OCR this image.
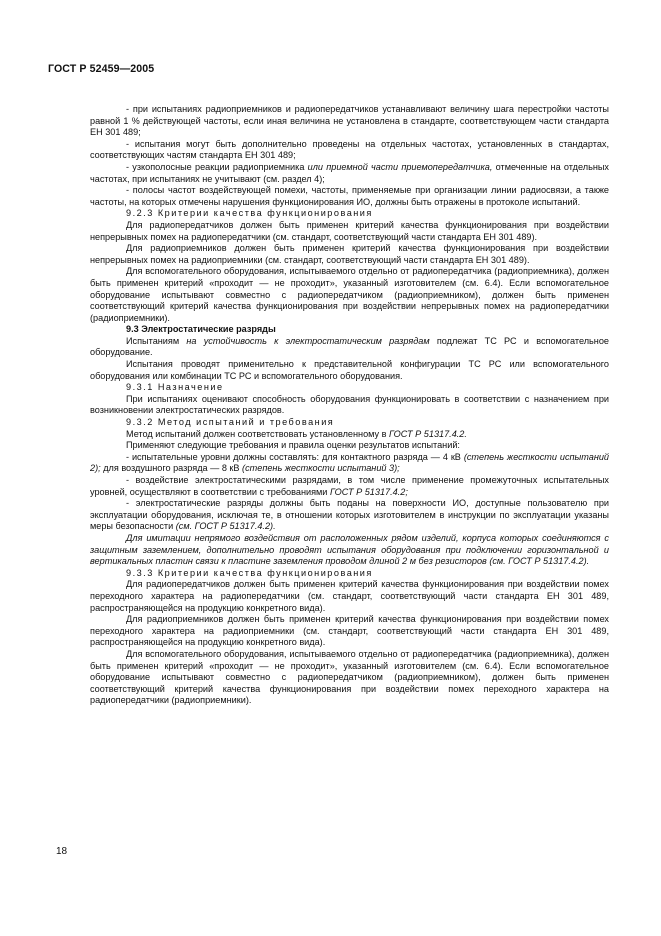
ГОСТ Р 52459—2005

- при испытаниях радиоприемников и радиопередатчиков устанавливают величину шага перестройки частоты равной 1 % действующей частоты, если иная величина не установлена в стандарте, соответствующем части стандарта ЕН 301 489;

- испытания могут быть дополнительно проведены на отдельных частотах, установленных в стандартах, соответствующих частям стандарта ЕН 301 489;

- узкополосные реакции радиоприемника или приемной части приемопередатчика, отмеченные на отдельных частотах, при испытаниях не учитывают (см. раздел 4);

- полосы частот воздействующей помехи, частоты, применяемые при организации линии радиосвязи, а также частоты, на которых отмечены нарушения функционирования ИО, должны быть отражены в протоколе испытаний.

9.2.3 Критерии качества функционирования

Для радиопередатчиков должен быть применен критерий качества функционирования при воздействии непрерывных помех на радиопередатчики (см. стандарт, соответствующий части стандарта ЕН 301 489).

Для радиоприемников должен быть применен критерий качества функционирования при воздействии непрерывных помех на радиоприемники (см. стандарт, соответствующий части стандарта ЕН 301 489).

Для вспомогательного оборудования, испытываемого отдельно от радиопередатчика (радиоприемника), должен быть применен критерий «проходит — не проходит», указанный изготовителем (см. 6.4). Если вспомогательное оборудование испытывают совместно с радиопередатчиком (радиоприемником), должен быть применен соответствующий критерий качества функционирования при воздействии непрерывных помех на радиопередатчики (радиоприемники).

9.3 Электростатические разряды

Испытаниям на устойчивость к электростатическим разрядам подлежат ТС РС и вспомогательное оборудование.

Испытания проводят применительно к представительной конфигурации ТС РС или вспомогательного оборудования или комбинации ТС РС и вспомогательного оборудования.

9.3.1 Назначение

При испытаниях оценивают способность оборудования функционировать в соответствии с назначением при возникновении электростатических разрядов.

9.3.2 Метод испытаний и требования

Метод испытаний должен соответствовать установленному в ГОСТ Р 51317.4.2.

Применяют следующие требования и правила оценки результатов испытаний:

- испытательные уровни должны составлять: для контактного разряда — 4 кВ (степень жесткости испытаний 2); для воздушного разряда — 8 кВ (степень жесткости испытаний 3);

- воздействие электростатическими разрядами, в том числе применение промежуточных испытательных уровней, осуществляют в соответствии с требованиями ГОСТ Р 51317.4.2;

- электростатические разряды должны быть поданы на поверхности ИО, доступные пользователю при эксплуатации оборудования, исключая те, в отношении которых изготовителем в инструкции по эксплуатации указаны меры безопасности (см. ГОСТ Р 51317.4.2).

Для имитации непрямого воздействия от расположенных рядом изделий, корпуса которых соединяются с защитным заземлением, дополнительно проводят испытания оборудования при подключении горизонтальной и вертикальных пластин связи к пластине заземления проводом длиной 2 м без резисторов (см. ГОСТ Р 51317.4.2).

9.3.3 Критерии качества функционирования

Для радиопередатчиков должен быть применен критерий качества функционирования при воздействии помех переходного характера на радиопередатчики (см. стандарт, соответствующий части стандарта ЕН 301 489, распространяющейся на продукцию конкретного вида).

Для радиоприемников должен быть применен критерий качества функционирования при воздействии помех переходного характера на радиоприемники (см. стандарт, соответствующий части стандарта ЕН 301 489, распространяющейся на продукцию конкретного вида).

Для вспомогательного оборудования, испытываемого отдельно от радиопередатчика (радиоприемника), должен быть применен критерий «проходит — не проходит», указанный изготовителем (см. 6.4). Если вспомогательное оборудование испытывают совместно с радиопередатчиком (радиоприемником), должен быть применен соответствующий критерий качества функционирования при воздействии помех переходного характера на радиопередатчики (радиоприемники).

18
